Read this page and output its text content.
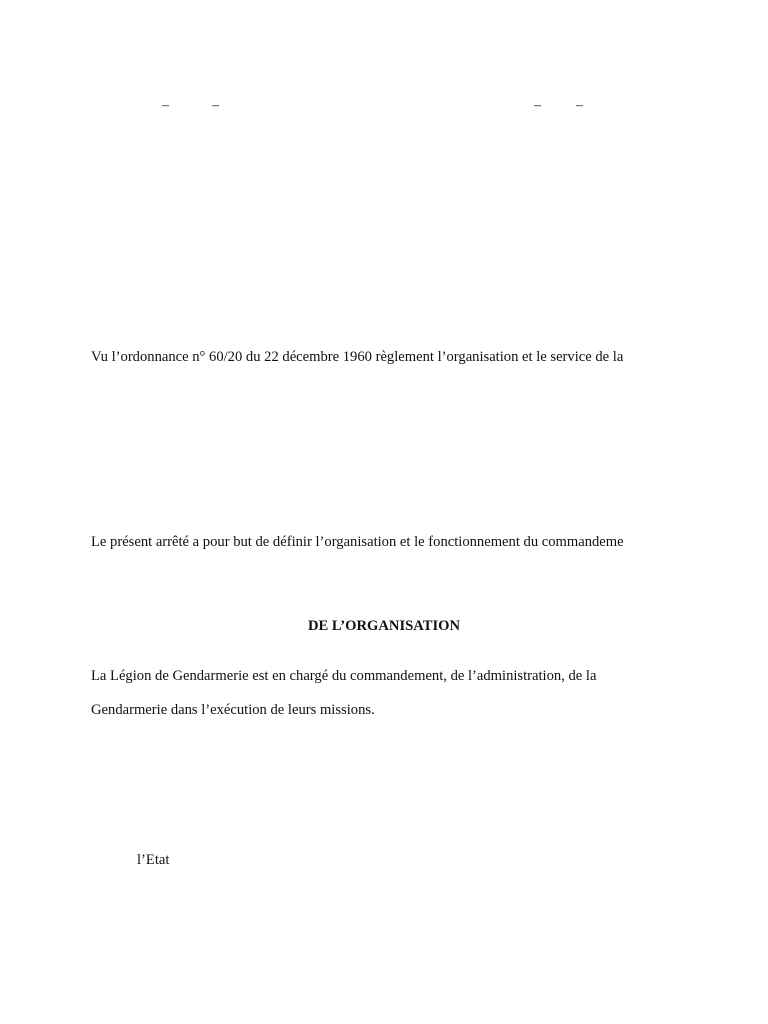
–	–	–	–
Vu l’ordonnance n° 60/20 du 22 décembre 1960 règlement l’organisation et le service de la
Le présent arrêté a pour but de définir l’organisation et le fonctionnement du commandeme
DE L’ORGANISATION
La Légion de Gendarmerie est en chargé du commandement, de l’administration, de la
Gendarmerie dans l’exécution de leurs missions.
l’Etat
